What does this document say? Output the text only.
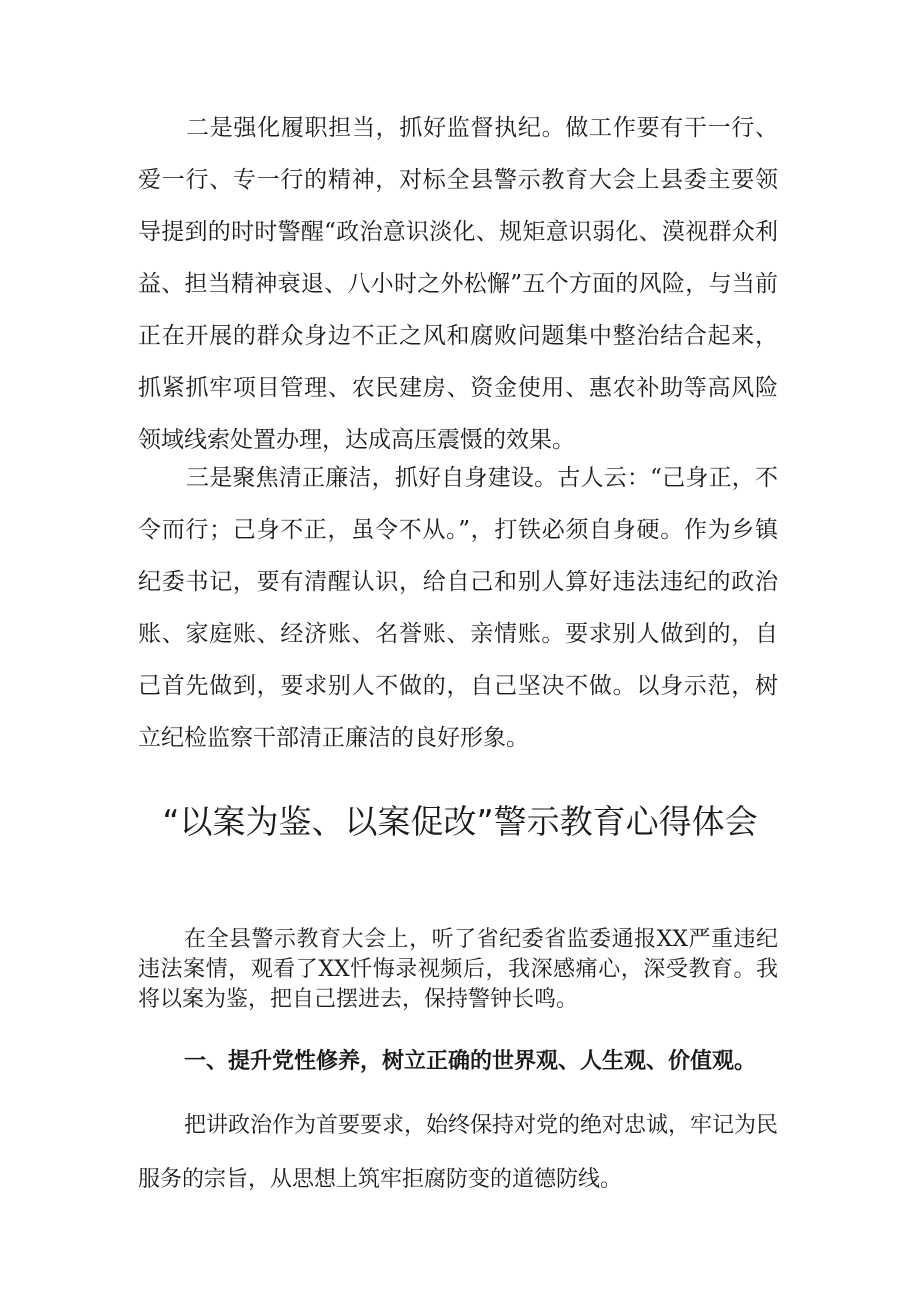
二是强化履职担当，抓好监督执纪。做工作要有干一行、爱一行、专一行的精神，对标全县警示教育大会上县委主要领导提到的时时警醒“政治意识淡化、规矩意识弱化、漠视群众利益、担当精神衰退、八小时之外松懈”五个方面的风险，与当前正在开展的群众身边不正之风和腐败问题集中整治结合起来，抓紧抓牢项目管理、农民建房、资金使用、惠农补助等高风险领域线索处置办理，达成高压震慑的效果。

三是聚焦清正廉洁，抓好自身建设。古人云：“己身正，不令而行；己身不正，虽令不从。”，打铁必须自身硬。作为乡镇纪委书记，要有清醒认识，给自己和别人算好违法违纪的政治账、家庭账、经济账、名誉账、亲情账。要求别人做到的，自己首先做到，要求别人不做的，自己坚决不做。以身示范，树立纪检监察干部清正廉洁的良好形象。

“以案为鉴、以案促改”警示教育心得体会

在全县警示教育大会上，听了省纪委省监委通报XX严重违纪违法案情，观看了XX忏悔录视频后，我深感痛心，深受教育。我将以案为鉴，把自己摆进去，保持警钟长鸣。

一、提升党性修养，树立正确的世界观、人生观、价值观。

把讲政治作为首要要求，始终保持对党的绝对忠诚，牢记为民服务的宗旨，从思想上筑牢拒腐防变的道德防线。
